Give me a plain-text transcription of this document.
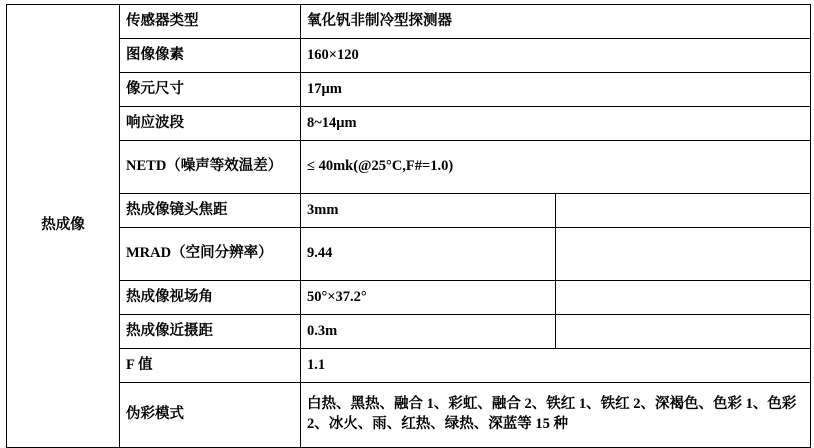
热成像	传感器类型	氧化钒非制冷型探测器	
	图像像素	160×120	
	像元尺寸	17μm	
	响应波段	8~14μm	
	NETD（噪声等效温差）	≤ 40mk(@25°C,F#=1.0)	
	热成像镜头焦距	3mm	
	MRAD（空间分辨率）	9.44	
	热成像视场角	50°×37.2°	
	热成像近摄距	0.3m	
	F 值	1.1	
	伪彩模式	白热、黑热、融合 1、彩虹、融合 2、铁红 1、铁红 2、深褐色、色彩 1、色彩 2、冰火、雨、红热、绿热、深蓝等 15 种	
